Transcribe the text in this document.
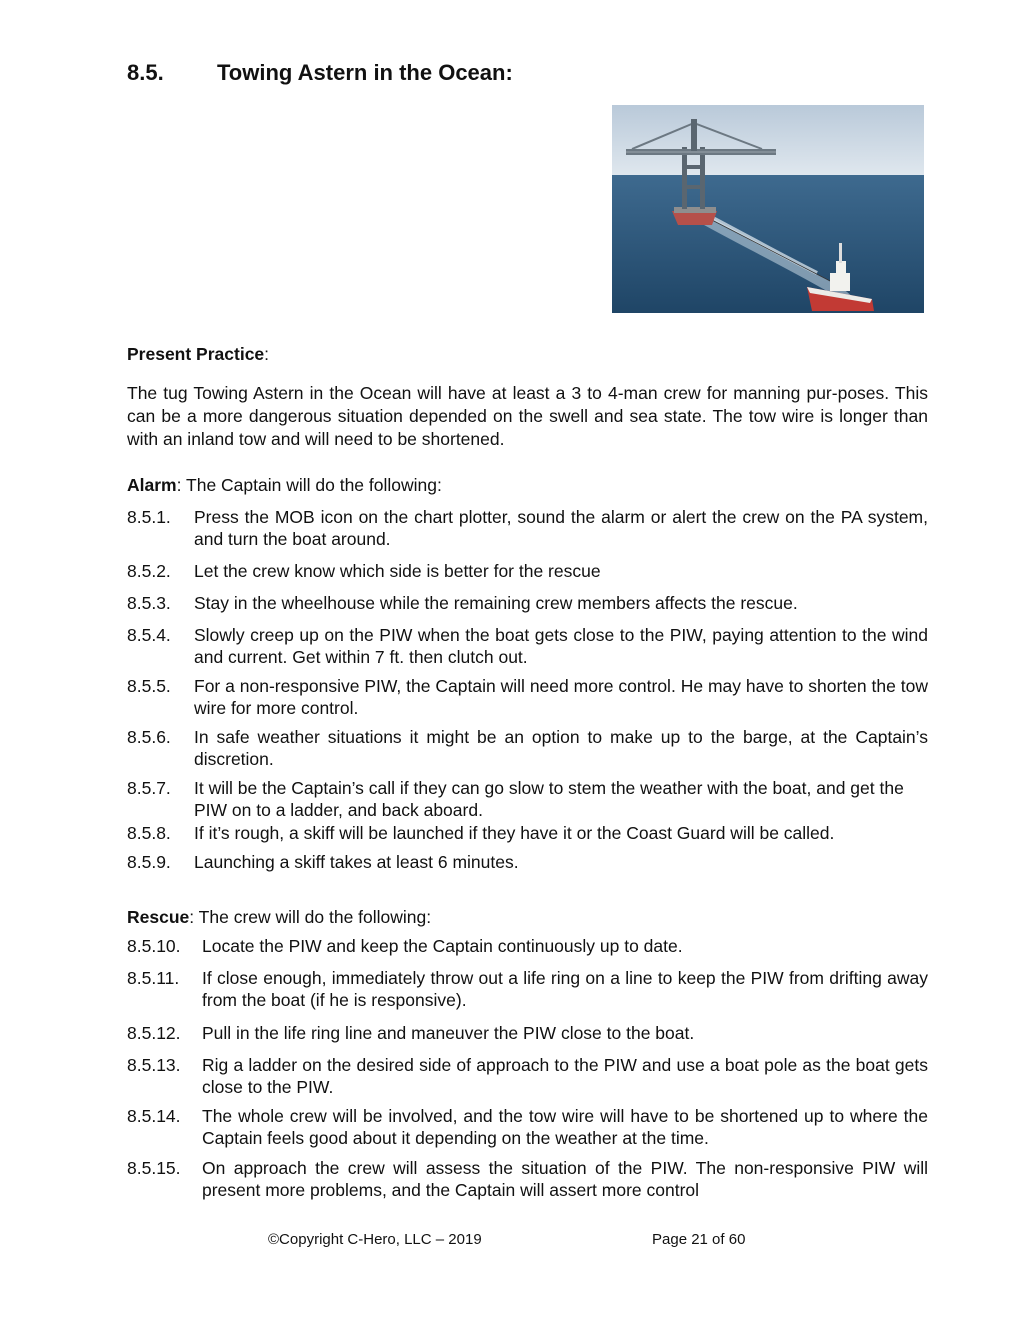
8.5. Towing Astern in the Ocean:
Present Practice:
The tug Towing Astern in the Ocean will have at least a 3 to 4-man crew for manning pur-poses. This can be a more dangerous situation depended on the swell and sea state. The tow wire is longer than with an inland tow and will need to be shortened.
Alarm: The Captain will do the following:
8.5.1. Press the MOB icon on the chart plotter, sound the alarm or alert the crew on the PA system, and turn the boat around.
8.5.2. Let the crew know which side is better for the rescue
8.5.3. Stay in the wheelhouse while the remaining crew members affects the rescue.
8.5.4. Slowly creep up on the PIW when the boat gets close to the PIW, paying attention to the wind and current. Get within 7 ft. then clutch out.
8.5.5. For a non-responsive PIW, the Captain will need more control. He may have to shorten the tow wire for more control.
8.5.6. In safe weather situations it might be an option to make up to the barge, at the Captain’s discretion.
8.5.7. It will be the Captain’s call if they can go slow to stem the weather with the boat, and get the PIW on to a ladder, and back aboard.
8.5.8. If it’s rough, a skiff will be launched if they have it or the Coast Guard will be called.
8.5.9. Launching a skiff takes at least 6 minutes.
Rescue: The crew will do the following:
8.5.10. Locate the PIW and keep the Captain continuously up to date.
8.5.11. If close enough, immediately throw out a life ring on a line to keep the PIW from drifting away from the boat (if he is responsive).
8.5.12. Pull in the life ring line and maneuver the PIW close to the boat.
8.5.13. Rig a ladder on the desired side of approach to the PIW and use a boat pole as the boat gets close to the PIW.
8.5.14. The whole crew will be involved, and the tow wire will have to be shortened up to where the Captain feels good about it depending on the weather at the time.
8.5.15. On approach the crew will assess the situation of the PIW. The non-responsive PIW will present more problems, and the Captain will assert more control
©Copyright C-Hero, LLC – 2019	Page 21 of 60
